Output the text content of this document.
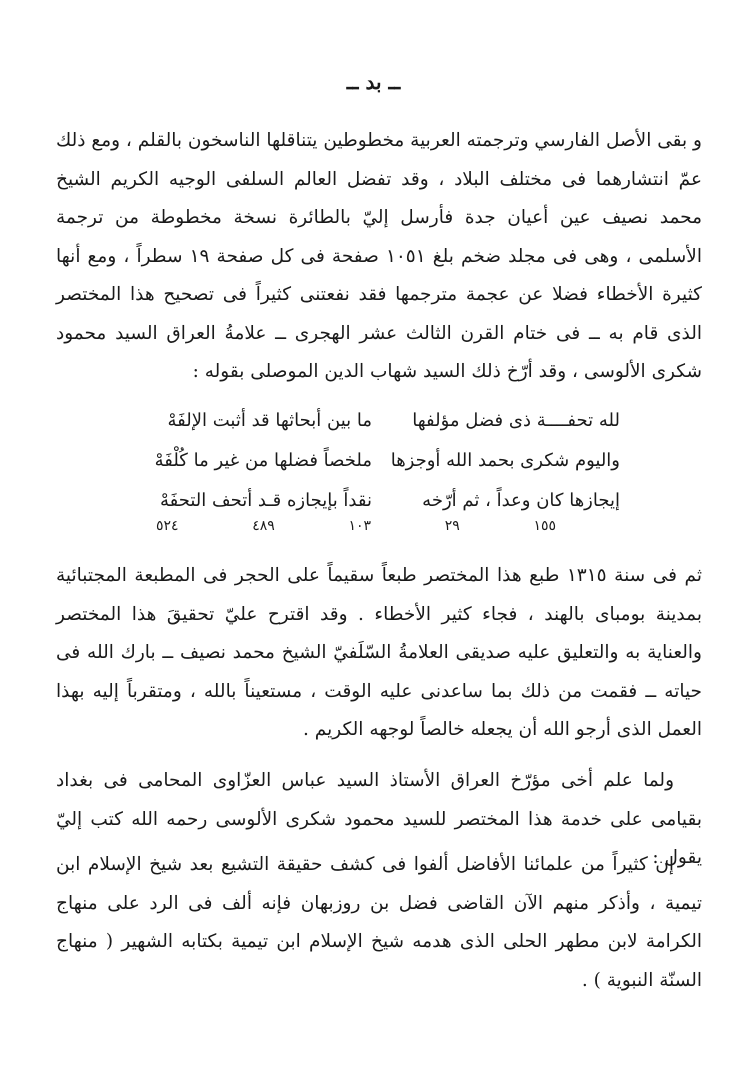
ــ بد ــ

و بقى الأصل الفارسي وترجمته العربية مخطوطين يتناقلها الناسخون بالقلم ، ومع ذلك عمّ انتشارهما فى مختلف البلاد ، وقد تفضل العالم السلفى الوجيه الكريم الشيخ محمد نصيف عين أعيان جدة فأرسل إليّ بالطائرة نسخة مخطوطة من ترجمة الأسلمى ، وهى فى مجلد ضخم بلغ ١٠٥١ صفحة فى كل صفحة ١٩ سطراً ، ومع أنها كثيرة الأخطاء فضلا عن عجمة مترجمها فقد نفعتنى كثيراً فى تصحيح هذا المختصر الذى قام به ــ فى ختام القرن الثالث عشر الهجرى ــ علامةُ العراق السيد محمود شكرى الألوسى ، وقد أرّخ ذلك السيد شهاب الدين الموصلى بقوله :

لله تحفــــة ذى فضل مؤلفها
ما بين أبحاثها قد أثبت الإلفَهْ
واليوم شكرى بحمد الله أوجزها
ملخصاً فضلها من غير ما كُلْفَهْ
إيجازها كان وعداً ، ثم أرّخه
نقداً بإيجازه قـد أتحف التحفَهْ
١٥٥
٢٩
١٠٣
٤٨٩
٥٢٤

ثم فى سنة ١٣١٥ طبع هذا المختصر طبعاً سقيماً على الحجر فى المطبعة المجتبائية بمدينة بومباى بالهند ، فجاء كثير الأخطاء . وقد اقترح عليّ تحقيقَ هذا المختصر والعناية به والتعليق عليه صديقى العلامةُ السّلَفيّ الشيخ محمد نصيف ــ بارك الله فى حياته ــ فقمت من ذلك بما ساعدنى عليه الوقت ، مستعيناً بالله ، ومتقرباً إليه بهذا العمل الذى أرجو الله أن يجعله خالصاً لوجهه الكريم .

ولما علم أخى مؤرّخ العراق الأستاذ السيد عباس العزّاوى المحامى فى بغداد بقيامى على خدمة هذا المختصر للسيد محمود شكرى الألوسى رحمه الله كتب إليّ يقول :

إن كثيراً من علمائنا الأفاضل ألفوا فى كشف حقيقة التشيع بعد شيخ الإسلام ابن تيمية ، وأذكر منهم الآن القاضى فضل بن روزبهان فإنه ألف فى الرد على منهاج الكرامة لابن مطهر الحلى الذى هدمه شيخ الإسلام ابن تيمية بكتابه الشهير ( منهاج السنّة النبوية ) .
